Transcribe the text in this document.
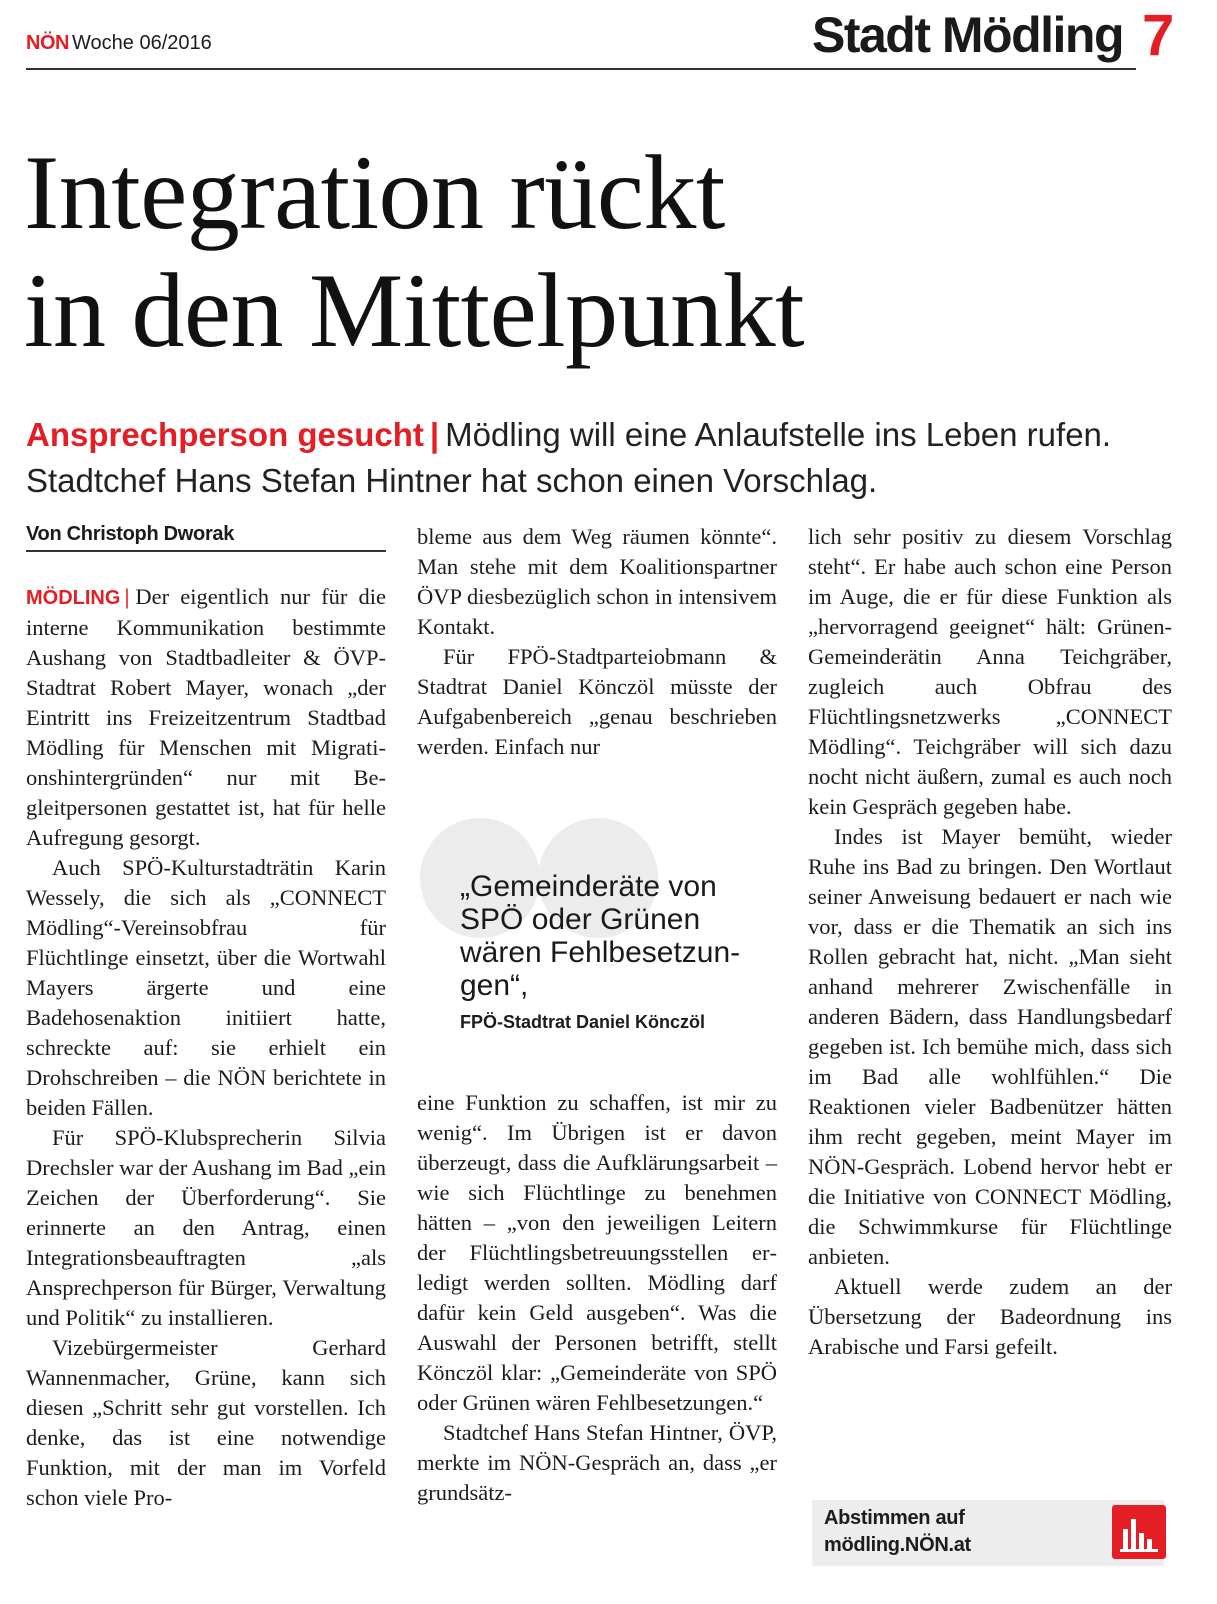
NÖN Woche 06/2016	Stadt Mödling 7
Integration rückt
in den Mittelpunkt
Ansprechperson gesucht | Mödling will eine Anlaufstelle ins Leben rufen. Stadtchef Hans Stefan Hintner hat schon einen Vorschlag.
Von Christoph Dworak

MÖDLING | Der eigentlich nur für die interne Kommunikation bestimmte Aushang von Stadtbadleiter & ÖVP-Stadtrat Robert Mayer, wonach „der Eintritt ins Freizeitzentrum Stadtbad Mödling für Menschen mit Migrationshintergründen“ nur mit Begleitpersonen gestattet ist, hat für helle Aufregung gesorgt.

Auch SPÖ-Kulturstadträtin Karin Wessely, die sich als „CONNECT Mödling“-Vereinsobfrau für Flüchtlinge einsetzt, über die Wortwahl Mayers ärgerte und eine Badehosenaktion initiiert hatte, schreckte auf: sie erhielt ein Drohschreiben – die NÖN berichtete in beiden Fällen.

Für SPÖ-Klubsprecherin Silvia Drechsler war der Aushang im Bad „ein Zeichen der Überforderung“. Sie erinnerte an den Antrag, einen Integrationsbeauftragten „als Ansprechperson für Bürger, Verwaltung und Politik“ zu installieren.

Vizebürgermeister Gerhard Wannenmacher, Grüne, kann sich diesen „Schritt sehr gut vorstellen. Ich denke, das ist eine notwendige Funktion, mit der man im Vorfeld schon viele Pro-

bleme aus dem Weg räumen könnte“. Man stehe mit dem Koalitionspartner ÖVP diesbezüglich schon in intensivem Kontakt.

Für FPÖ-Stadtparteiobmann & Stadtrat Daniel Könczöl müsste der Aufgabenbereich „genau beschrieben werden. Einfach nur

„Gemeinderäte von SPÖ oder Grünen wären Fehlbesetzungen“,
FPÖ-Stadtrat Daniel Könczöl

eine Funktion zu schaffen, ist mir zu wenig“. Im Übrigen ist er davon überzeugt, dass die Aufklärungsarbeit – wie sich Flüchtlinge zu benehmen hätten – „von den jeweiligen Leitern der Flüchtlingsbetreuungsstellen erledigt werden sollten. Mödling darf dafür kein Geld ausgeben“. Was die Auswahl der Personen betrifft, stellt Könczöl klar: „Gemeinderäte von SPÖ oder Grünen wären Fehlbesetzungen.“

Stadtchef Hans Stefan Hintner, ÖVP, merkte im NÖN-Gespräch an, dass „er grundsätz-

lich sehr positiv zu diesem Vorschlag steht“. Er habe auch schon eine Person im Auge, die er für diese Funktion als „hervorragend geeignet“ hält: Grünen-Gemeinderätin Anna Teichgräber, zugleich auch Obfrau des Flüchtlingsnetzwerks „CONNECT Mödling“. Teichgräber will sich dazu nocht nicht äußern, zumal es auch noch kein Gespräch gegeben habe.

Indes ist Mayer bemüht, wieder Ruhe ins Bad zu bringen. Den Wortlaut seiner Anweisung bedauert er nach wie vor, dass er die Thematik an sich ins Rollen gebracht hat, nicht. „Man sieht anhand mehrerer Zwischenfälle in anderen Bädern, dass Handlungsbedarf gegeben ist. Ich bemühe mich, dass sich im Bad alle wohlfühlen.“ Die Reaktionen vieler Badbenützer hätten ihm recht gegeben, meint Mayer im NÖN-Gespräch. Lobend hervor hebt er die Initiative von CONNECT Mödling, die Schwimmkurse für Flüchtlinge anbieten.

Aktuell werde zudem an der Übersetzung der Badeordnung ins Arabische und Farsi gefeilt.

Abstimmen auf
mödling.NÖN.at
